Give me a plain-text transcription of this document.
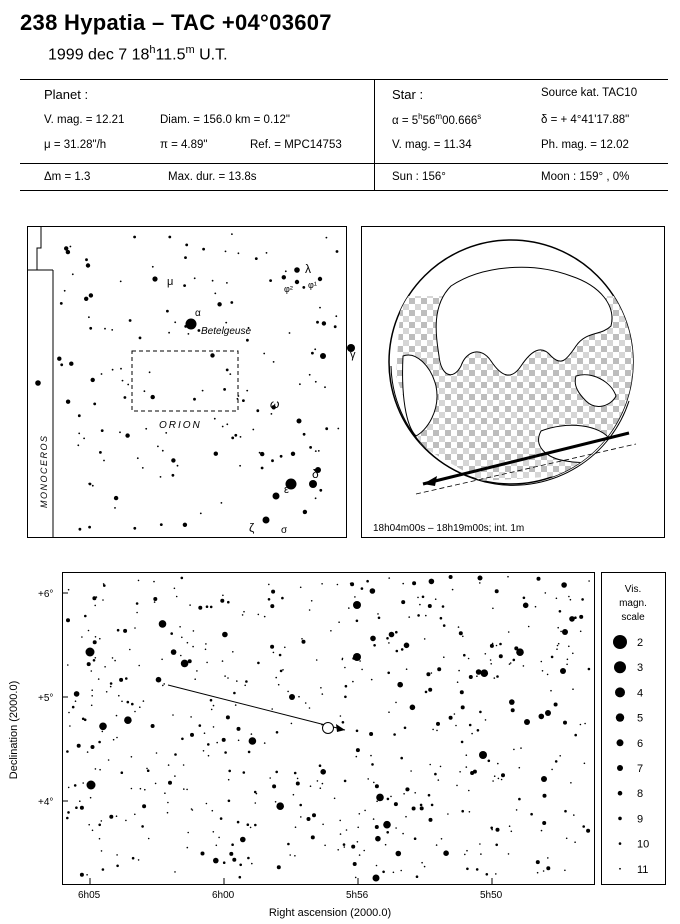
238 Hypatia – TAC +04°03607
1999 dec 7 18$^h$11.5$^m$ U.T.
Planet :
V. mag. = 12.21	Diam. = 156.0 km = 0.12"
μ = 31.28"/h	π = 4.89"	Ref. = MPC14753
Star :	Source kat. TAC10
$\alpha = 5^h56^m00.666^s$	δ = + 4°41'17.88"
V. mag. = 11.34	Ph. mag. = 12.02
Δm = 1.3	Max. dur. = 13.8s	Sun : 156°	Moon : 159° , 0%
ORION
MONOCEROS
Betelgeuse
α
μ
λ
φ² φ¹
γ
ω
δ
ε
ζ	σ	18h04m00s – 18h19m00s; int. 1m
+6°
+5°
+4°
6h05	6h00	5h56	5h50
Right ascension (2000.0)
Declination (2000.0)
Vis.
magn.
scale
2
3
4
5
6
7
8
9
10
11
